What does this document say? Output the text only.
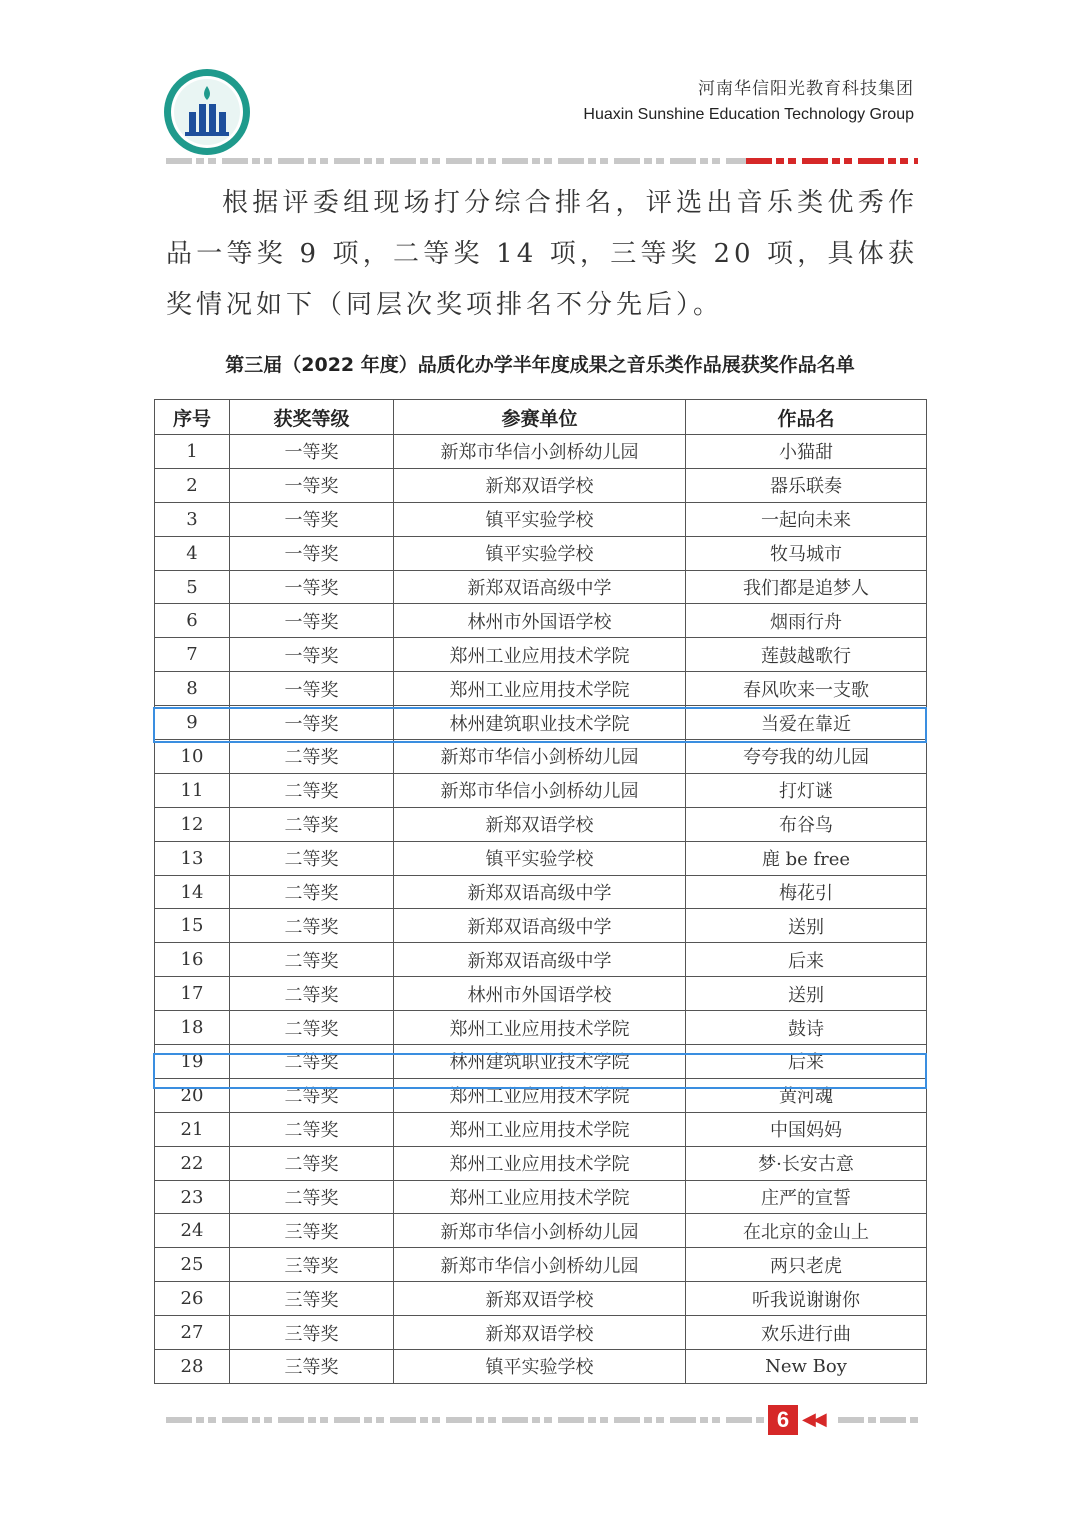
河南华信阳光教育科技集团
Huaxin Sunshine Education Technology Group

根据评委组现场打分综合排名，评选出音乐类优秀作品一等奖 9 项，二等奖 14 项，三等奖 20 项，具体获奖情况如下（同层次奖项排名不分先后）。

第三届（2022 年度）品质化办学半年度成果之音乐类作品展获奖作品名单
序号	获奖等级	参赛单位	作品名
1	一等奖	新郑市华信小剑桥幼儿园	小猫甜
2	一等奖	新郑双语学校	器乐联奏
3	一等奖	镇平实验学校	一起向未来
4	一等奖	镇平实验学校	牧马城市
5	一等奖	新郑双语高级中学	我们都是追梦人
6	一等奖	林州市外国语学校	烟雨行舟
7	一等奖	郑州工业应用技术学院	莲鼓越歌行
8	一等奖	郑州工业应用技术学院	春风吹来一支歌
9	一等奖	林州建筑职业技术学院	当爱在靠近
10	二等奖	新郑市华信小剑桥幼儿园	夸夸我的幼儿园
11	二等奖	新郑市华信小剑桥幼儿园	打灯谜
12	二等奖	新郑双语学校	布谷鸟
13	二等奖	镇平实验学校	鹿 be free
14	二等奖	新郑双语高级中学	梅花引
15	二等奖	新郑双语高级中学	送别
16	二等奖	新郑双语高级中学	后来
17	二等奖	林州市外国语学校	送别
18	二等奖	郑州工业应用技术学院	鼓诗
19	二等奖	林州建筑职业技术学院	后来
20	二等奖	郑州工业应用技术学院	黄河魂
21	二等奖	郑州工业应用技术学院	中国妈妈
22	二等奖	郑州工业应用技术学院	梦·长安古意
23	二等奖	郑州工业应用技术学院	庄严的宣誓
24	三等奖	新郑市华信小剑桥幼儿园	在北京的金山上
25	三等奖	新郑市华信小剑桥幼儿园	两只老虎
26	三等奖	新郑双语学校	听我说谢谢你
27	三等奖	新郑双语学校	欢乐进行曲
28	三等奖	镇平实验学校	New Boy
6 ◀◀
